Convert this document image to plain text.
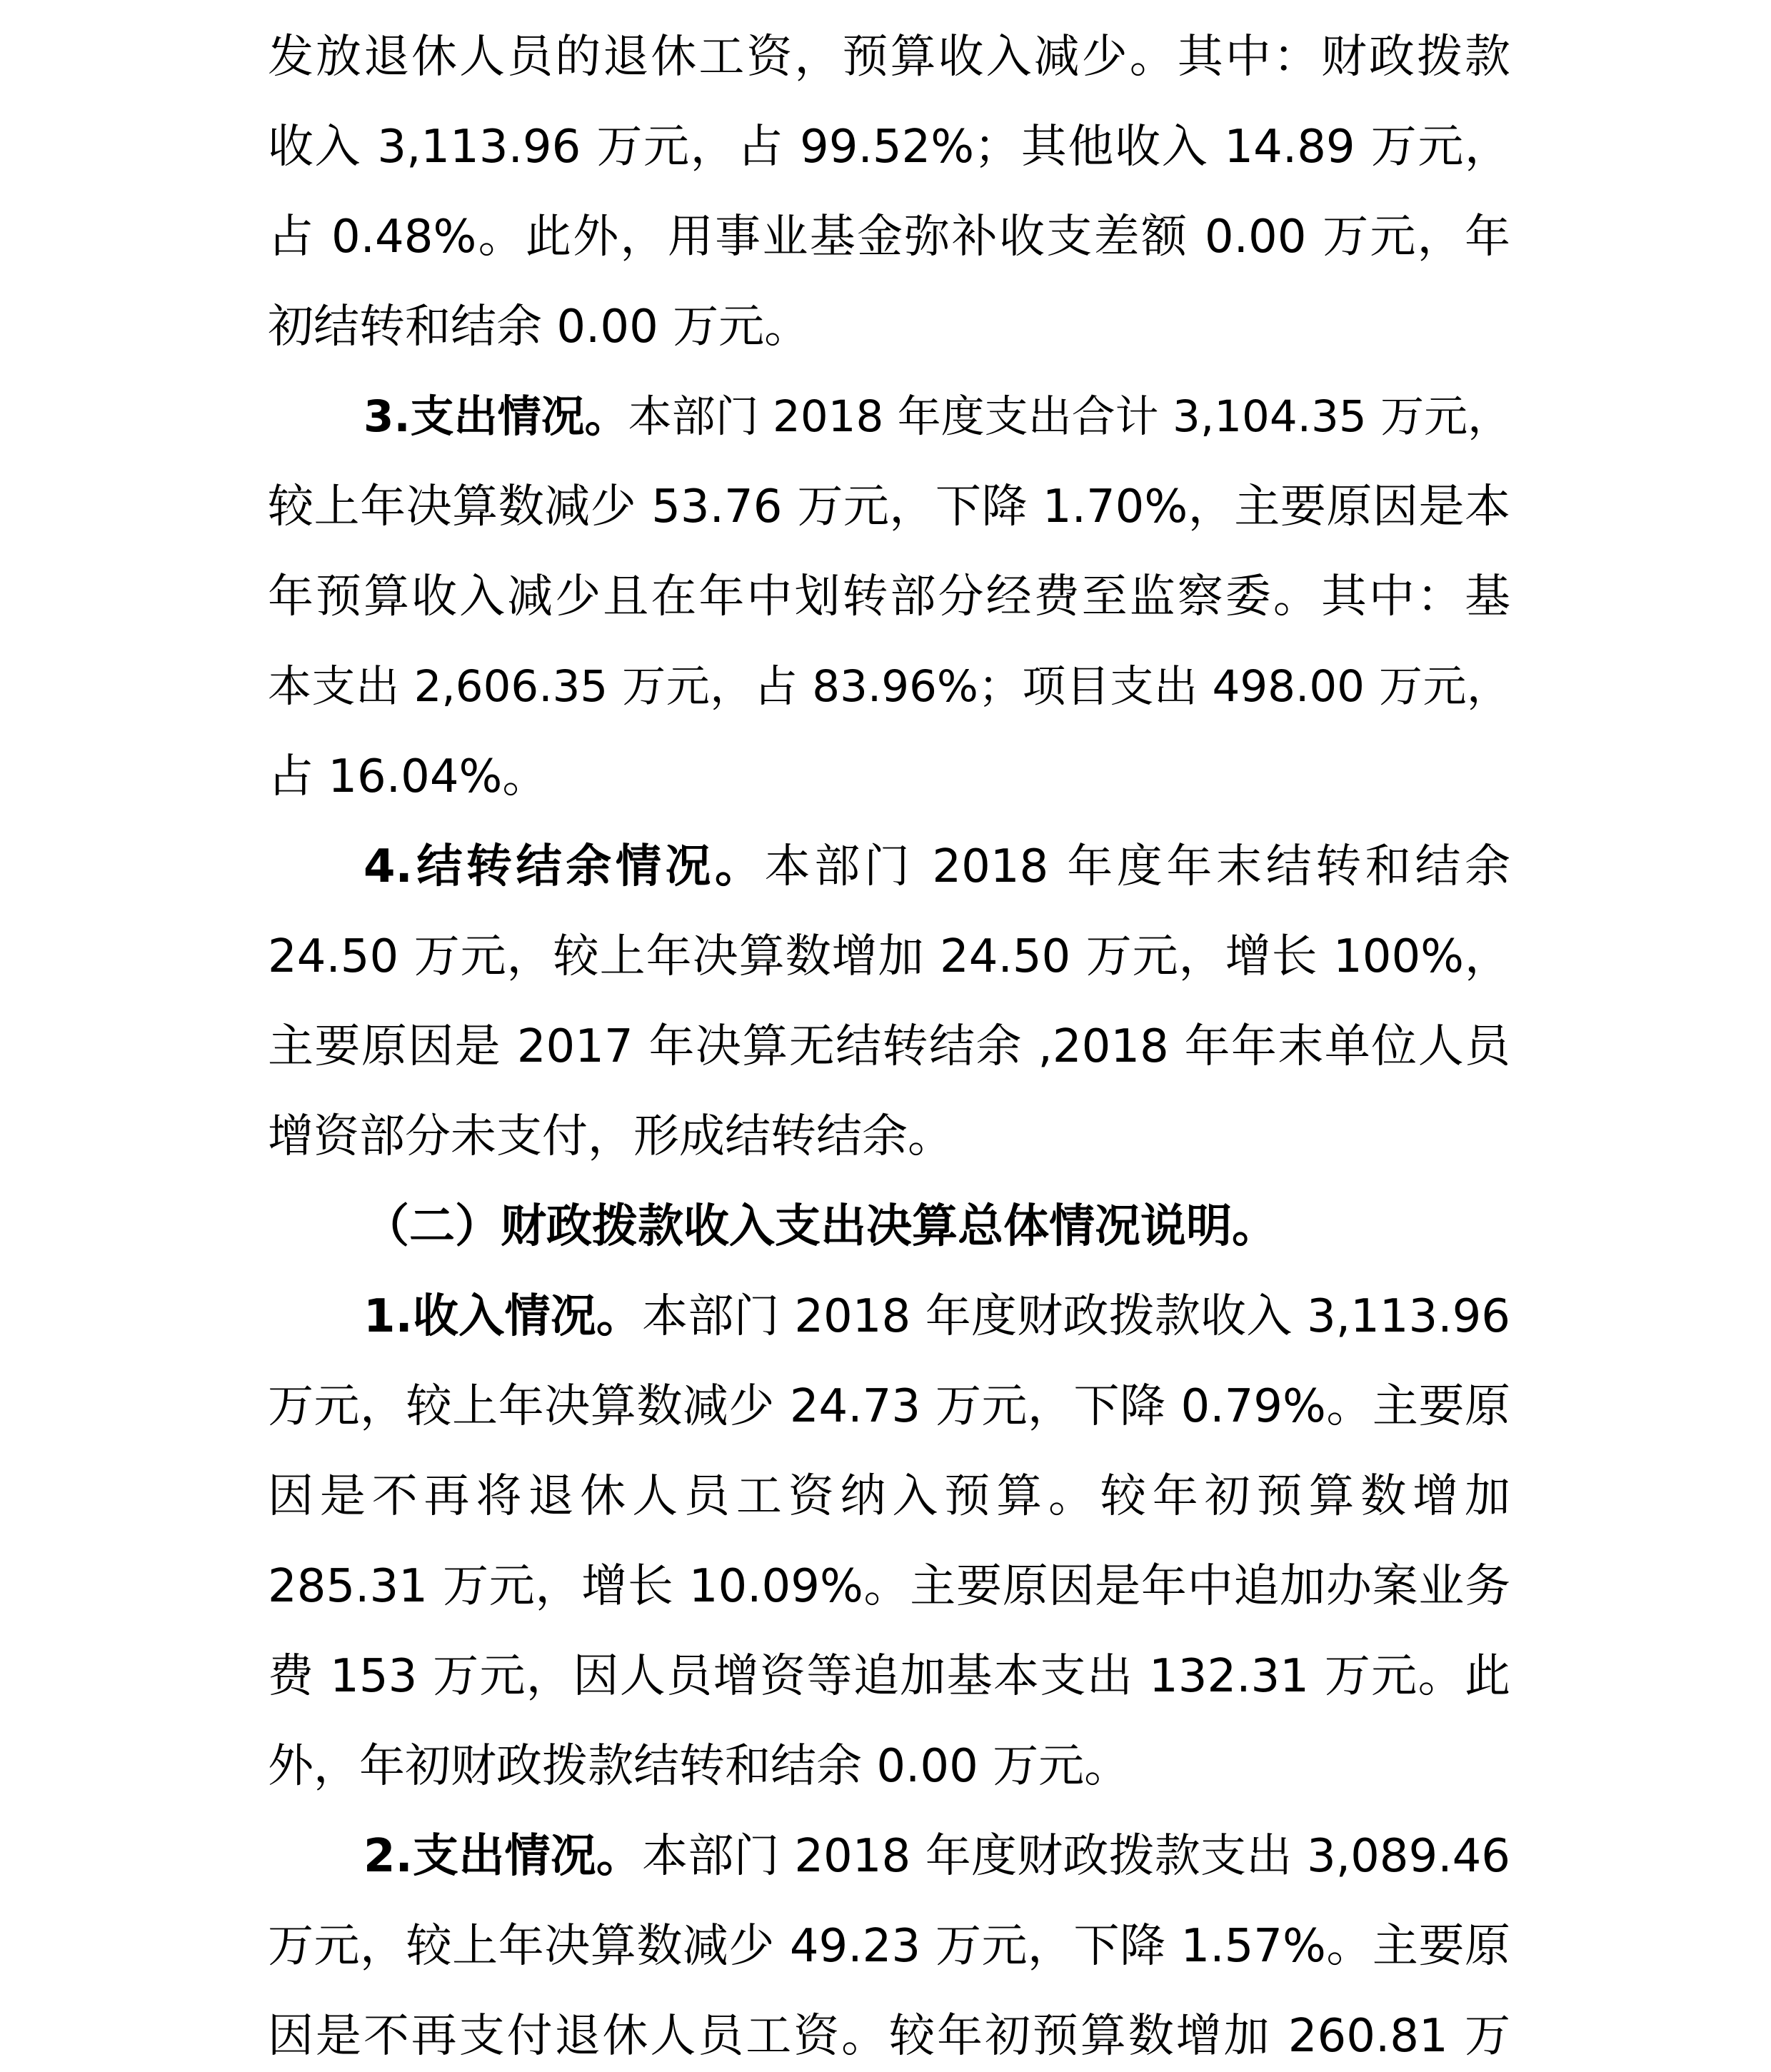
发放退休人员的退休工资，预算收入减少。其中：财政拨款
收入 3,113.96 万元，占 99.52%；其他收入 14.89 万元，
占 0.48%。此外，用事业基金弥补收支差额 0.00 万元，年
初结转和结余 0.00 万元。
3.支出情况。本部门 2018 年度支出合计 3,104.35 万元，
较上年决算数减少 53.76 万元，下降 1.70%，主要原因是本
年预算收入减少且在年中划转部分经费至监察委。其中：基
本支出 2,606.35 万元，占 83.96%；项目支出 498.00 万元，
占 16.04%。
4.结转结余情况。本部门 2018 年度年末结转和结余
24.50 万元，较上年决算数增加 24.50 万元，增长 100%，
主要原因是 2017 年决算无结转结余 ,2018 年年末单位人员
增资部分未支付，形成结转结余。
（二）财政拨款收入支出决算总体情况说明。
1.收入情况。本部门 2018 年度财政拨款收入 3,113.96
万元，较上年决算数减少 24.73 万元，下降 0.79%。主要原
因是不再将退休人员工资纳入预算。较年初预算数增加
285.31 万元，增长 10.09%。主要原因是年中追加办案业务
费 153 万元，因人员增资等追加基本支出 132.31 万元。此
外，年初财政拨款结转和结余 0.00 万元。
2.支出情况。本部门 2018 年度财政拨款支出 3,089.46
万元，较上年决算数减少 49.23 万元，下降 1.57%。主要原
因是不再支付退休人员工资。较年初预算数增加 260.81 万
